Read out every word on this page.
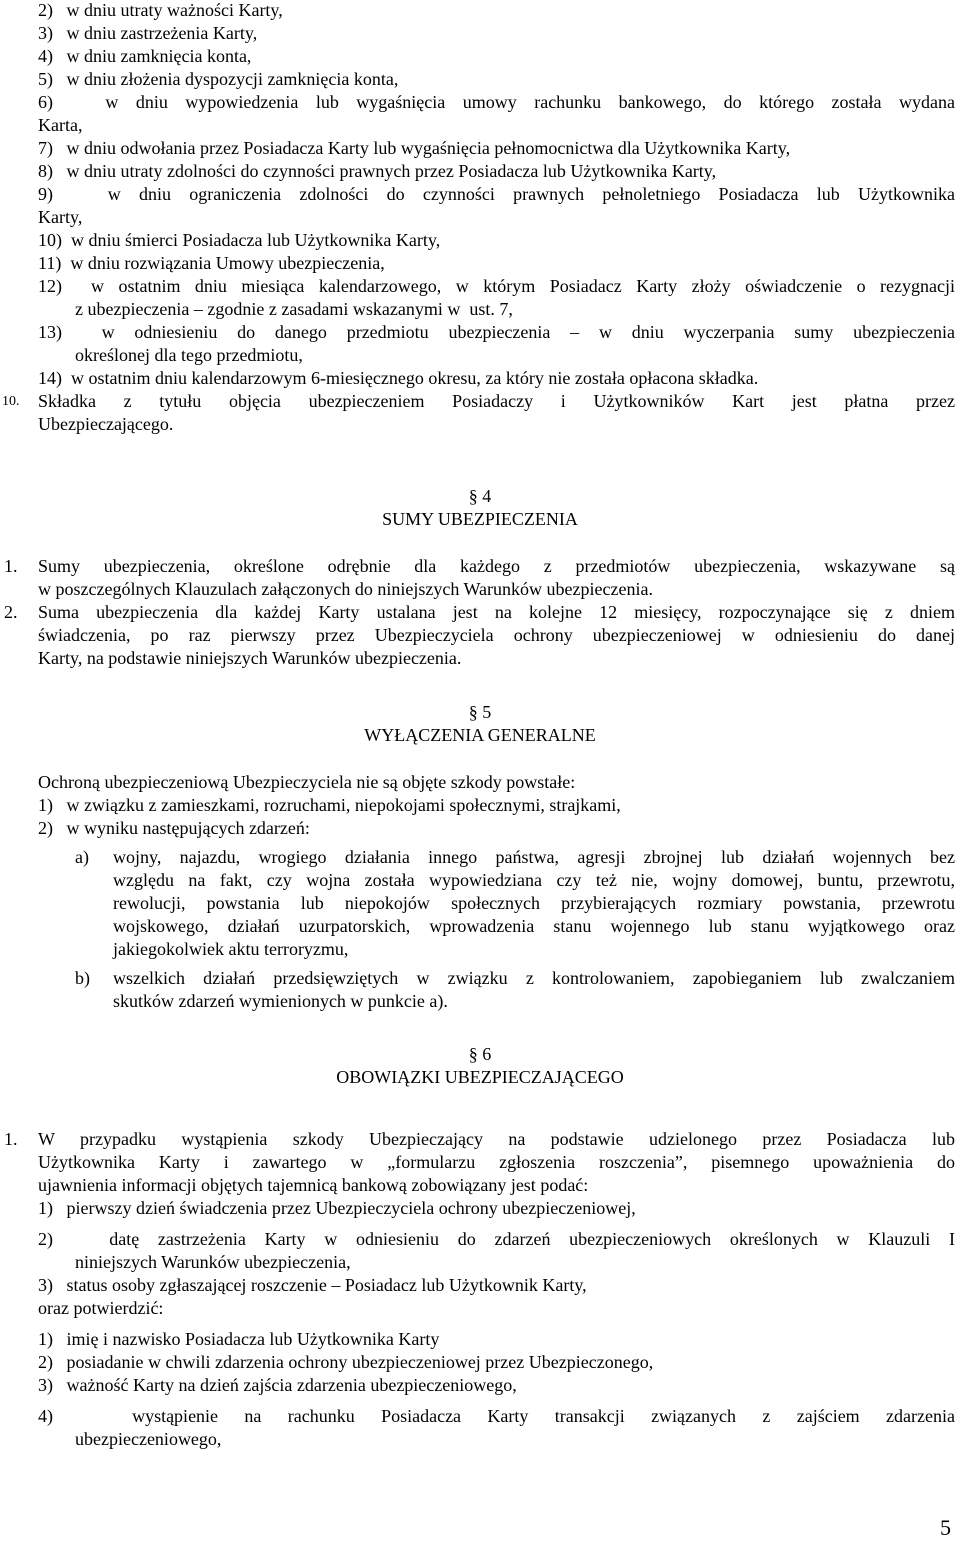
2)   w dniu utraty ważności Karty,
3)   w dniu zastrzeżenia Karty,
4)   w dniu zamknięcia konta,
5)   w dniu złożenia dyspozycji zamknięcia konta,
6)   w dniu wypowiedzenia lub wygaśnięcia umowy rachunku bankowego, do którego została wydana
Karta,
7)   w dniu odwołania przez Posiadacza Karty lub wygaśnięcia pełnomocnictwa dla Użytkownika Karty,
8)   w dniu utraty zdolności do czynności prawnych przez Posiadacza lub Użytkownika Karty,
9)   w dniu ograniczenia zdolności do czynności prawnych pełnoletniego Posiadacza lub Użytkownika
Karty,
10)  w dniu śmierci Posiadacza lub Użytkownika Karty,
11)  w dniu rozwiązania Umowy ubezpieczenia,
12)  w ostatnim dniu miesiąca kalendarzowego, w którym Posiadacz Karty złoży oświadczenie o rezygnacji
z ubezpieczenia – zgodnie z zasadami wskazanymi w  ust. 7,
13)  w odniesieniu do danego przedmiotu ubezpieczenia – w dniu wyczerpania sumy ubezpieczenia
określonej dla tego przedmiotu,
14)  w ostatnim dniu kalendarzowym 6-miesięcznego okresu, za który nie została opłacona składka.
10. Składka z tytułu objęcia ubezpieczeniem Posiadaczy i Użytkowników Kart jest płatna przez
Ubezpieczającego.
§ 4
SUMY UBEZPIECZENIA
1. Sumy ubezpieczenia, określone odrębnie dla każdego z przedmiotów ubezpieczenia, wskazywane są
w poszczególnych Klauzulach załączonych do niniejszych Warunków ubezpieczenia.
2. Suma ubezpieczenia dla każdej Karty ustalana jest na kolejne 12 miesięcy, rozpoczynające się z dniem
świadczenia, po raz pierwszy przez Ubezpieczyciela ochrony ubezpieczeniowej w odniesieniu do danej
Karty, na podstawie niniejszych Warunków ubezpieczenia.
§ 5
WYŁĄCZENIA GENERALNE
Ochroną ubezpieczeniową Ubezpieczyciela nie są objęte szkody powstałe:
1)   w związku z zamieszkami, rozruchami, niepokojami społecznymi, strajkami,
2)   w wyniku następujących zdarzeń:
a) wojny, najazdu, wrogiego działania innego państwa, agresji zbrojnej lub działań wojennych bez
względu na fakt, czy wojna została wypowiedziana czy też nie, wojny domowej, buntu, przewrotu,
rewolucji, powstania lub niepokojów społecznych przybierających rozmiary powstania, przewrotu
wojskowego, działań uzurpatorskich, wprowadzenia stanu wojennego lub stanu wyjątkowego oraz
jakiegokolwiek aktu terroryzmu,
b) wszelkich działań przedsięwziętych w związku z kontrolowaniem, zapobieganiem lub zwalczaniem
skutków zdarzeń wymienionych w punkcie a).
§ 6
OBOWIĄZKI UBEZPIECZAJĄCEGO
1. W przypadku wystąpienia szkody Ubezpieczający na podstawie udzielonego przez Posiadacza lub
Użytkownika Karty i zawartego w „formularzu zgłoszenia roszczenia”, pisemnego upoważnienia do
ujawnienia informacji objętych tajemnicą bankową zobowiązany jest podać:
1)   pierwszy dzień świadczenia przez Ubezpieczyciela ochrony ubezpieczeniowej,
2)   datę zastrzeżenia Karty w odniesieniu do zdarzeń ubezpieczeniowych określonych w Klauzuli I
niniejszych Warunków ubezpieczenia,
3)   status osoby zgłaszającej roszczenie – Posiadacz lub Użytkownik Karty,
oraz potwierdzić:
1)   imię i nazwisko Posiadacza lub Użytkownika Karty
2)   posiadanie w chwili zdarzenia ochrony ubezpieczeniowej przez Ubezpieczonego,
3)   ważność Karty na dzień zajścia zdarzenia ubezpieczeniowego,
4)   wystąpienie na rachunku Posiadacza Karty transakcji związanych z zajściem zdarzenia
ubezpieczeniowego,
5
